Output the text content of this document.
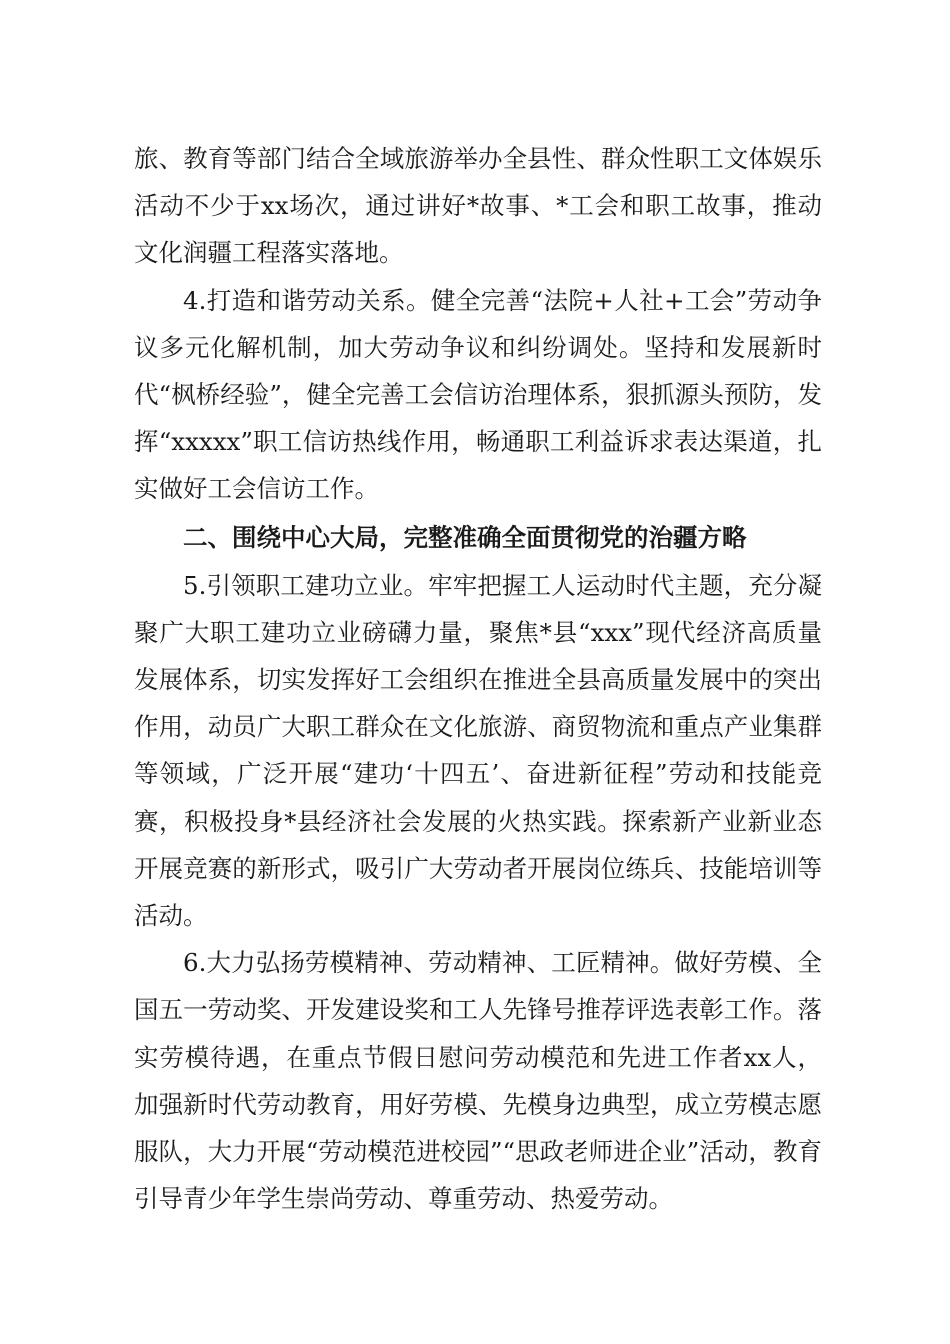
旅、教育等部门结合全域旅游举办全县性、群众性职工文体娱乐活动不少于xx场次，通过讲好*故事、*工会和职工故事，推动文化润疆工程落实落地。

4.打造和谐劳动关系。健全完善“法院+人社+工会”劳动争议多元化解机制，加大劳动争议和纠纷调处。坚持和发展新时代“枫桥经验”，健全完善工会信访治理体系，狠抓源头预防，发挥“xxxxx”职工信访热线作用，畅通职工利益诉求表达渠道，扎实做好工会信访工作。

二、围绕中心大局，完整准确全面贯彻党的治疆方略

5.引领职工建功立业。牢牢把握工人运动时代主题，充分凝聚广大职工建功立业磅礴力量，聚焦*县“xxx”现代经济高质量发展体系，切实发挥好工会组织在推进全县高质量发展中的突出作用，动员广大职工群众在文化旅游、商贸物流和重点产业集群等领域，广泛开展“建功‘十四五’、奋进新征程”劳动和技能竞赛，积极投身*县经济社会发展的火热实践。探索新产业新业态开展竞赛的新形式，吸引广大劳动者开展岗位练兵、技能培训等活动。

6.大力弘扬劳模精神、劳动精神、工匠精神。做好劳模、全国五一劳动奖、开发建设奖和工人先锋号推荐评选表彰工作。落实劳模待遇，在重点节假日慰问劳动模范和先进工作者xx人，加强新时代劳动教育，用好劳模、先模身边典型，成立劳模志愿服队，大力开展“劳动模范进校园”“思政老师进企业”活动，教育引导青少年学生崇尚劳动、尊重劳动、热爱劳动。
